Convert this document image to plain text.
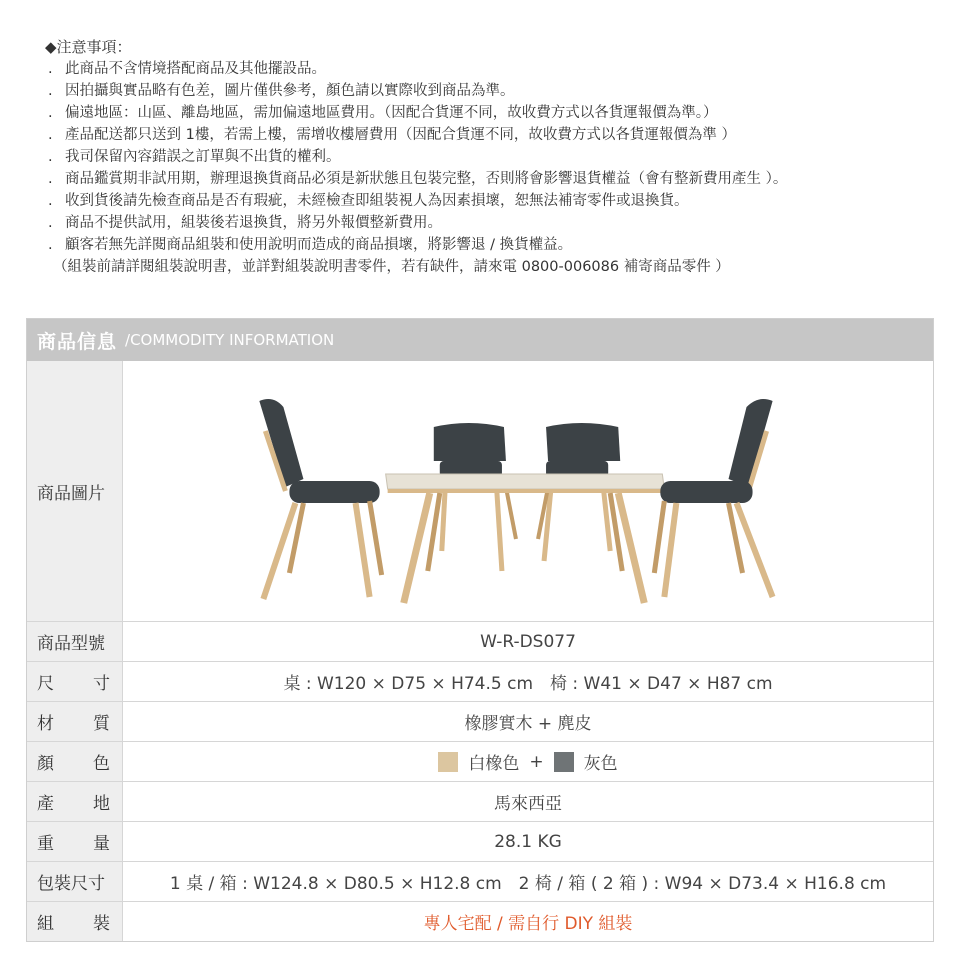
◆注意事項：
. 此商品不含情境搭配商品及其他擺設品。
. 因拍攝與實品略有色差，圖片僅供參考，顏色請以實際收到商品為準。
. 偏遠地區：山區、離島地區，需加偏遠地區費用。（因配合貨運不同，故收費方式以各貨運報價為準。）
. 產品配送都只送到 1樓，若需上樓，需增收樓層費用（因配合貨運不同，故收費方式以各貨運報價為準 ）
. 我司保留內容錯誤之訂單與不出貨的權利。
. 商品鑑賞期非試用期，辦理退換貨商品必須是新狀態且包裝完整，否則將會影響退貨權益（會有整新費用產生 ）。
. 收到貨後請先檢查商品是否有瑕疵，未經檢查即組裝視人為因素損壞，恕無法補寄零件或退換貨。
. 商品不提供試用，組裝後若退換貨，將另外報價整新費用。
. 顧客若無先詳閱商品組裝和使用說明而造成的商品損壞，將影響退 / 換貨權益。
（組裝前請詳閱組裝說明書，並詳對組裝說明書零件，若有缺件，請來電 0800-006086 補寄商品零件 ）
商品信息 /COMMODITY INFORMATION
商品圖片
商品型號	W-R-DS077
尺 寸	桌 : W120 × D75 × H74.5 cm　椅 : W41 × D47 × H87 cm
材 質	橡膠實木 + 麂皮
顏 色	白橡色 + 灰色
產 地	馬來西亞
重 量	28.1 KG
包裝尺寸	1 桌 / 箱 : W124.8 × D80.5 × H12.8 cm　2 椅 / 箱 ( 2 箱 ) : W94 × D73.4 × H16.8 cm
組 裝	專人宅配 / 需自行 DIY 組裝
